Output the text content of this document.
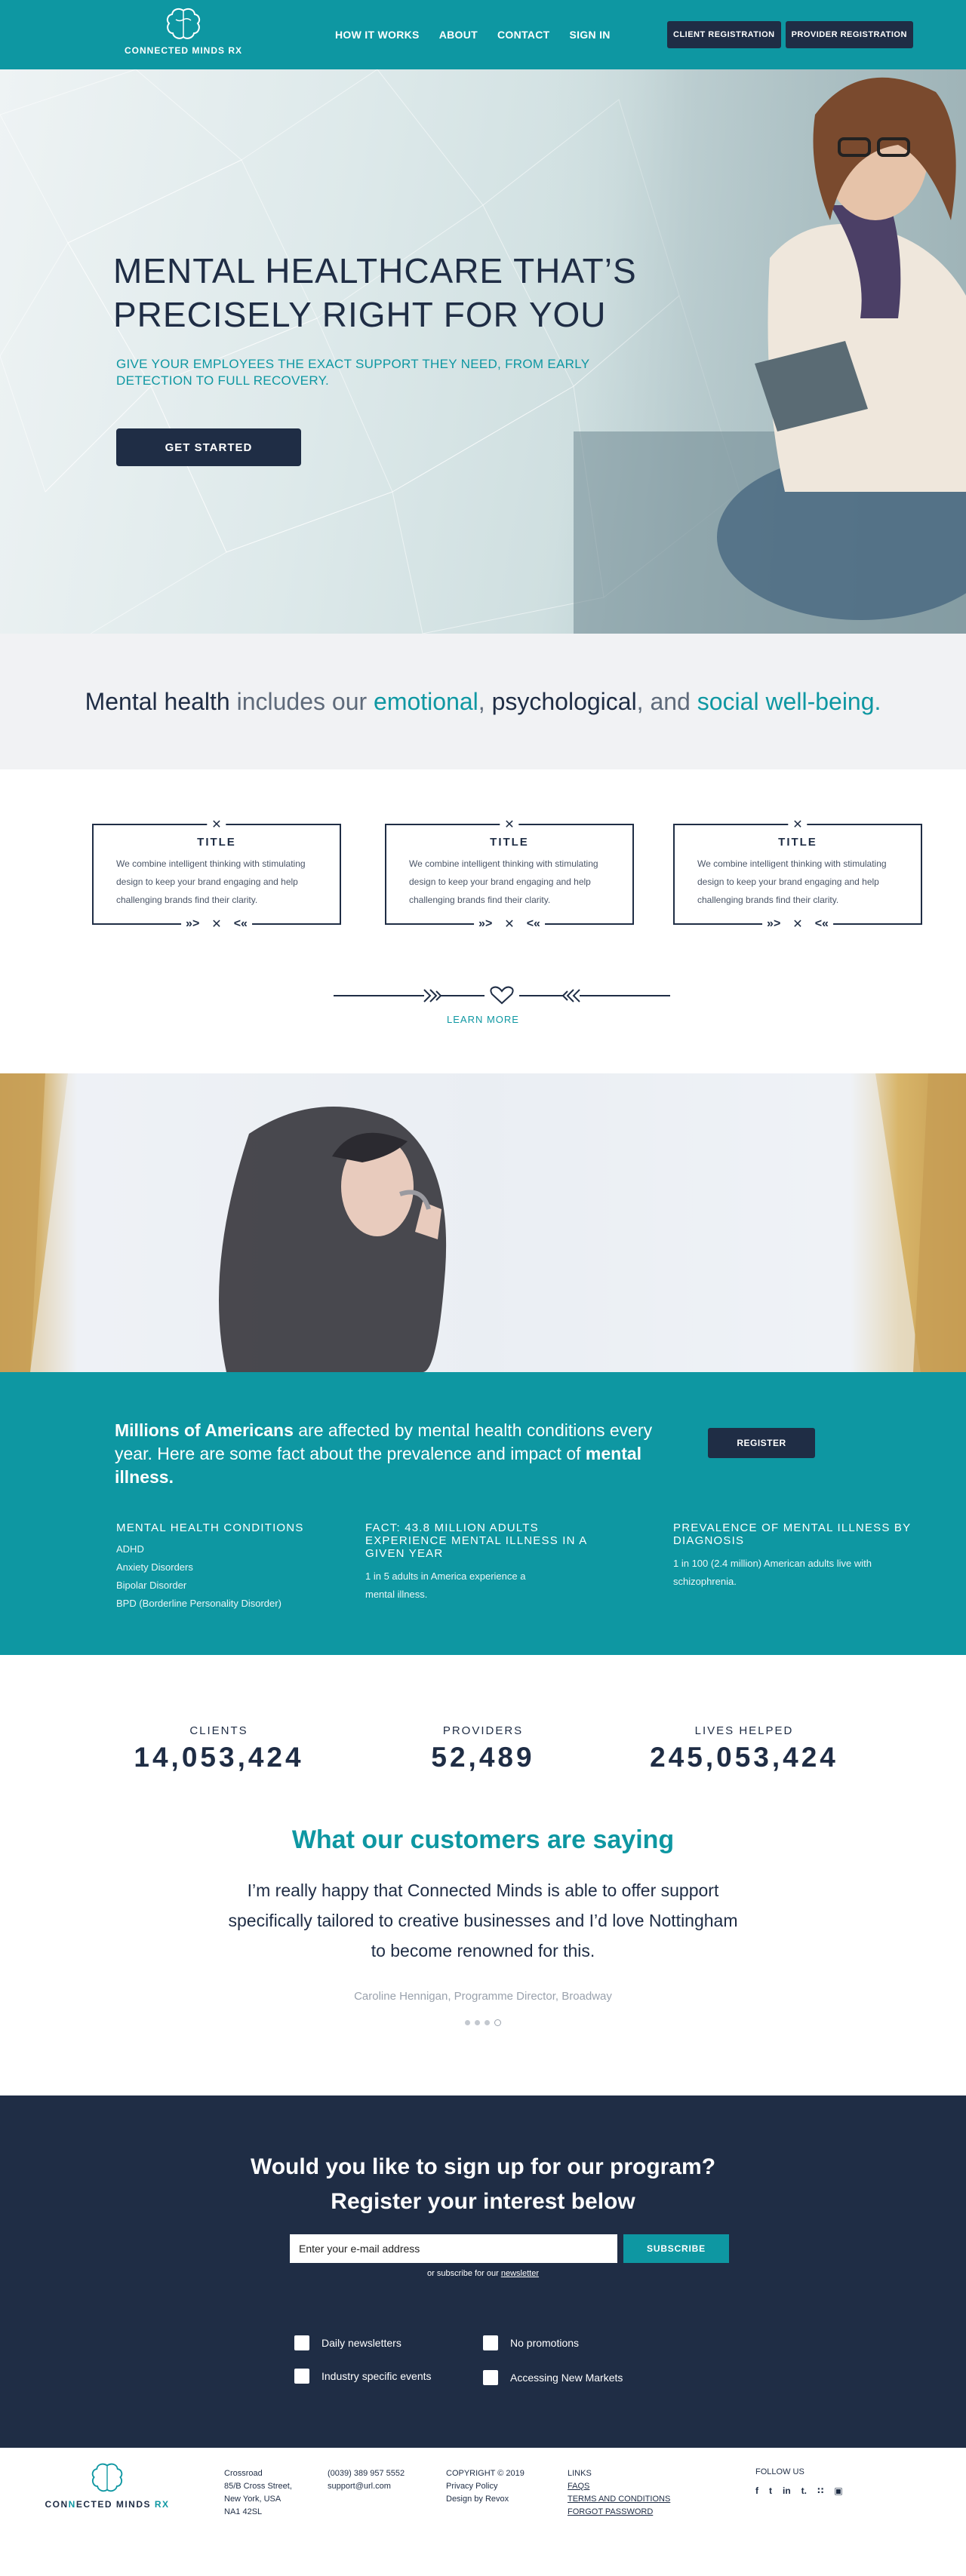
CONNECTED MINDS RX
HOW IT WORKS ABOUT CONTACT SIGN IN	CLIENT REGISTRATION	PROVIDER REGISTRATION
MENTAL HEALTHCARE THAT’S
PRECISELY RIGHT FOR YOU

GIVE YOUR EMPLOYEES THE EXACT SUPPORT THEY NEED, FROM EARLY DETECTION TO FULL RECOVERY.

GET STARTED

Mental health includes our emotional, psychological, and social well-being.

✕
TITLE

We combine intelligent thinking with stimulating design to keep your brand engaging and help challenging brands find their clarity.

»> ✕ <«
✕
TITLE

We combine intelligent thinking with stimulating design to keep your brand engaging and help challenging brands find their clarity.

»> ✕ <«
✕
TITLE

We combine intelligent thinking with stimulating design to keep your brand engaging and help challenging brands find their clarity.

»> ✕ <«
LEARN MORE

Millions of Americans are affected by mental health conditions every year. Here are some fact about the prevalence and impact of mental illness.

REGISTER
MENTAL HEALTH CONDITIONS
ADHD
Anxiety Disorders
Bipolar Disorder
BPD (Borderline Personality Disorder)
FACT: 43.8 MILLION ADULTS EXPERIENCE MENTAL ILLNESS IN A GIVEN YEAR

1 in 5 adults in America experience a mental illness.

PREVALENCE OF MENTAL ILLNESS BY DIAGNOSIS

1 in 100 (2.4 million) American adults live with schizophrenia.

CLIENTS
14,053,424
PROVIDERS
52,489
LIVES HELPED
245,053,424
What our customers are saying

I’m really happy that Connected Minds is able to offer support specifically tailored to creative businesses and I’d love Nottingham to become renowned for this.

Caroline Hennigan, Programme Director, Broadway

Would you like to sign up for our program?
Register your interest below
Enter your e-mail address
SUBSCRIBE

or subscribe for our newsletter

Daily newsletters	No promotions
Industry specific events	Accessing New Markets
CONNECTED MINDS RX
Crossroad
85/B Cross Street,
New York, USA
NA1 42SL
(0039) 389 957 5552
support@url.com
COPYRIGHT © 2019
Privacy Policy
Design by Revox
LINKS
FAQS
TERMS AND CONDITIONS
FORGOT PASSWORD
FOLLOW US
f t in t. ∷ ▣
